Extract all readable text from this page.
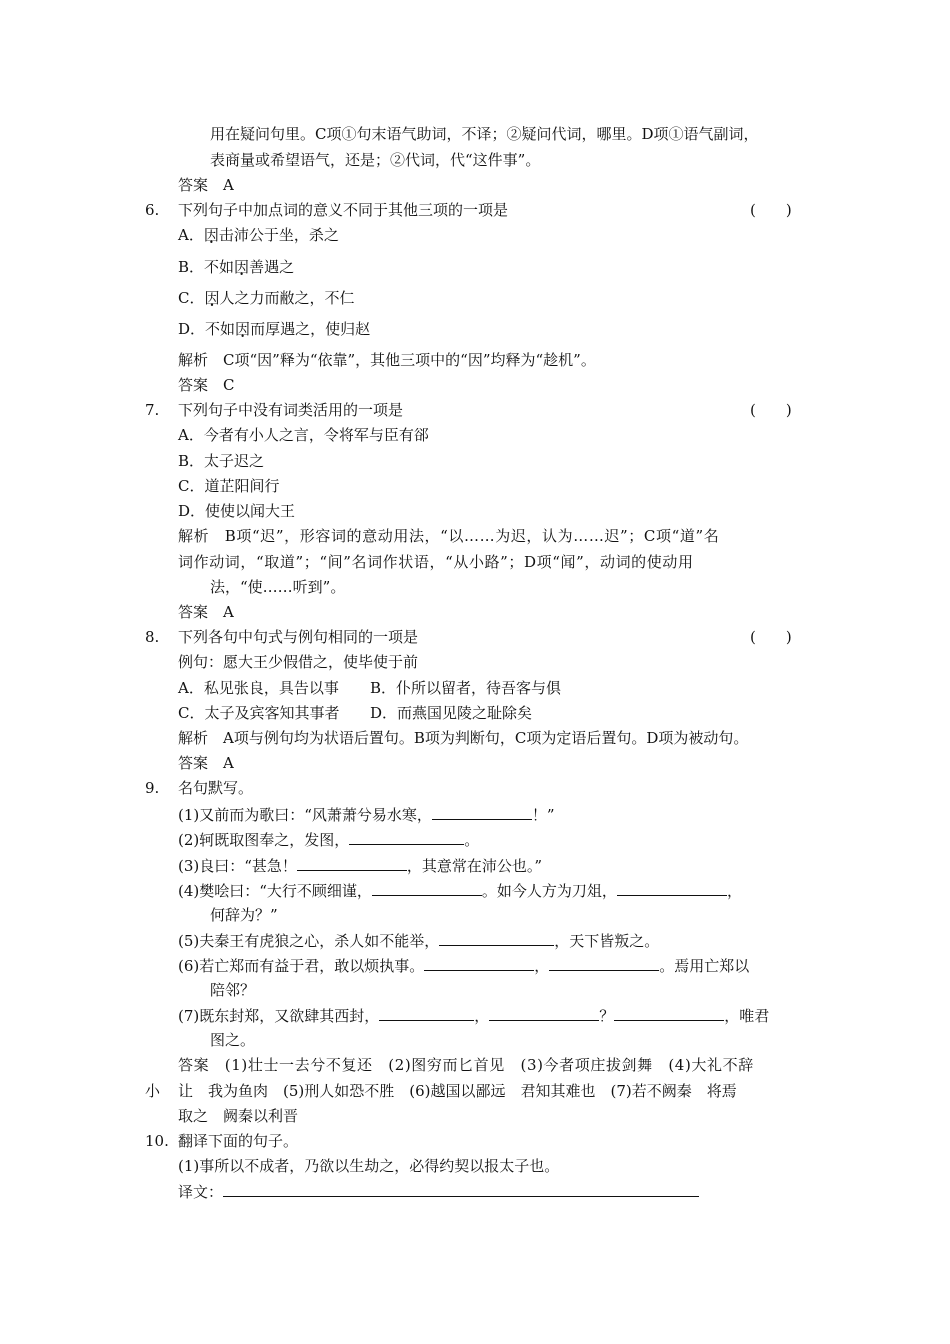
用在疑问句里。C项①句末语气助词，不译；②疑问代词，哪里。D项①语气副词，
表商量或希望语气，还是；②代词，代“这件事”。
答案　A
6. 下列句子中加点词的意义不同于其他三项的一项是	(　　)
A．因击沛公于坐，杀之
B．不如因善遇之
C．因人之力而敝之，不仁
D．不如因而厚遇之，使归赵
解析　C项“因”释为“依靠”，其他三项中的“因”均释为“趁机”。
答案　C
7. 下列句子中没有词类活用的一项是	(　　)
A．今者有小人之言，令将军与臣有郤
B．太子迟之
C．道芷阳间行
D．使使以闻大王
解析　B项“迟”，形容词的意动用法，“以……为迟，认为……迟”；C项“道”名
词作动词，“取道”；“间”名词作状语，“从小路”；D项“闻”，动词的使动用
法，“使……听到”。
答案　A
8. 下列各句中句式与例句相同的一项是	(　　)
例句：愿大王少假借之，使毕使于前
A．私见张良，具告以事 B．仆所以留者，待吾客与俱
C．太子及宾客知其事者 D．而燕国见陵之耻除矣
解析　A项与例句均为状语后置句。B项为判断句，C项为定语后置句。D项为被动句。
答案　A
9. 名句默写。
(1)又前而为歌曰：“风萧萧兮易水寒，	！”
(2)轲既取图奉之，发图，	。
(3)良曰：“甚急！	，其意常在沛公也。”
(4)樊哙曰：“大行不顾细谨，	。如今人方为刀俎，	，
何辞为？”
(5)夫秦王有虎狼之心，杀人如不能举，	，天下皆叛之。
(6)若亡郑而有益于君，敢以烦执事。	，	。焉用亡郑以
陪邻？
(7)既东封郑，又欲肆其西封，	，	？	，唯君
图之。
答案　(1)壮士一去兮不复还　(2)图穷而匕首见　(3)今者项庄拔剑舞　(4)大礼不辞
小 让　我为鱼肉　(5)刑人如恐不胜　(6)越国以鄙远　君知其难也　(7)若不阙秦　将焉
取之　阙秦以利晋
10. 翻译下面的句子。
(1)事所以不成者，乃欲以生劫之，必得约契以报太子也。
译文：
